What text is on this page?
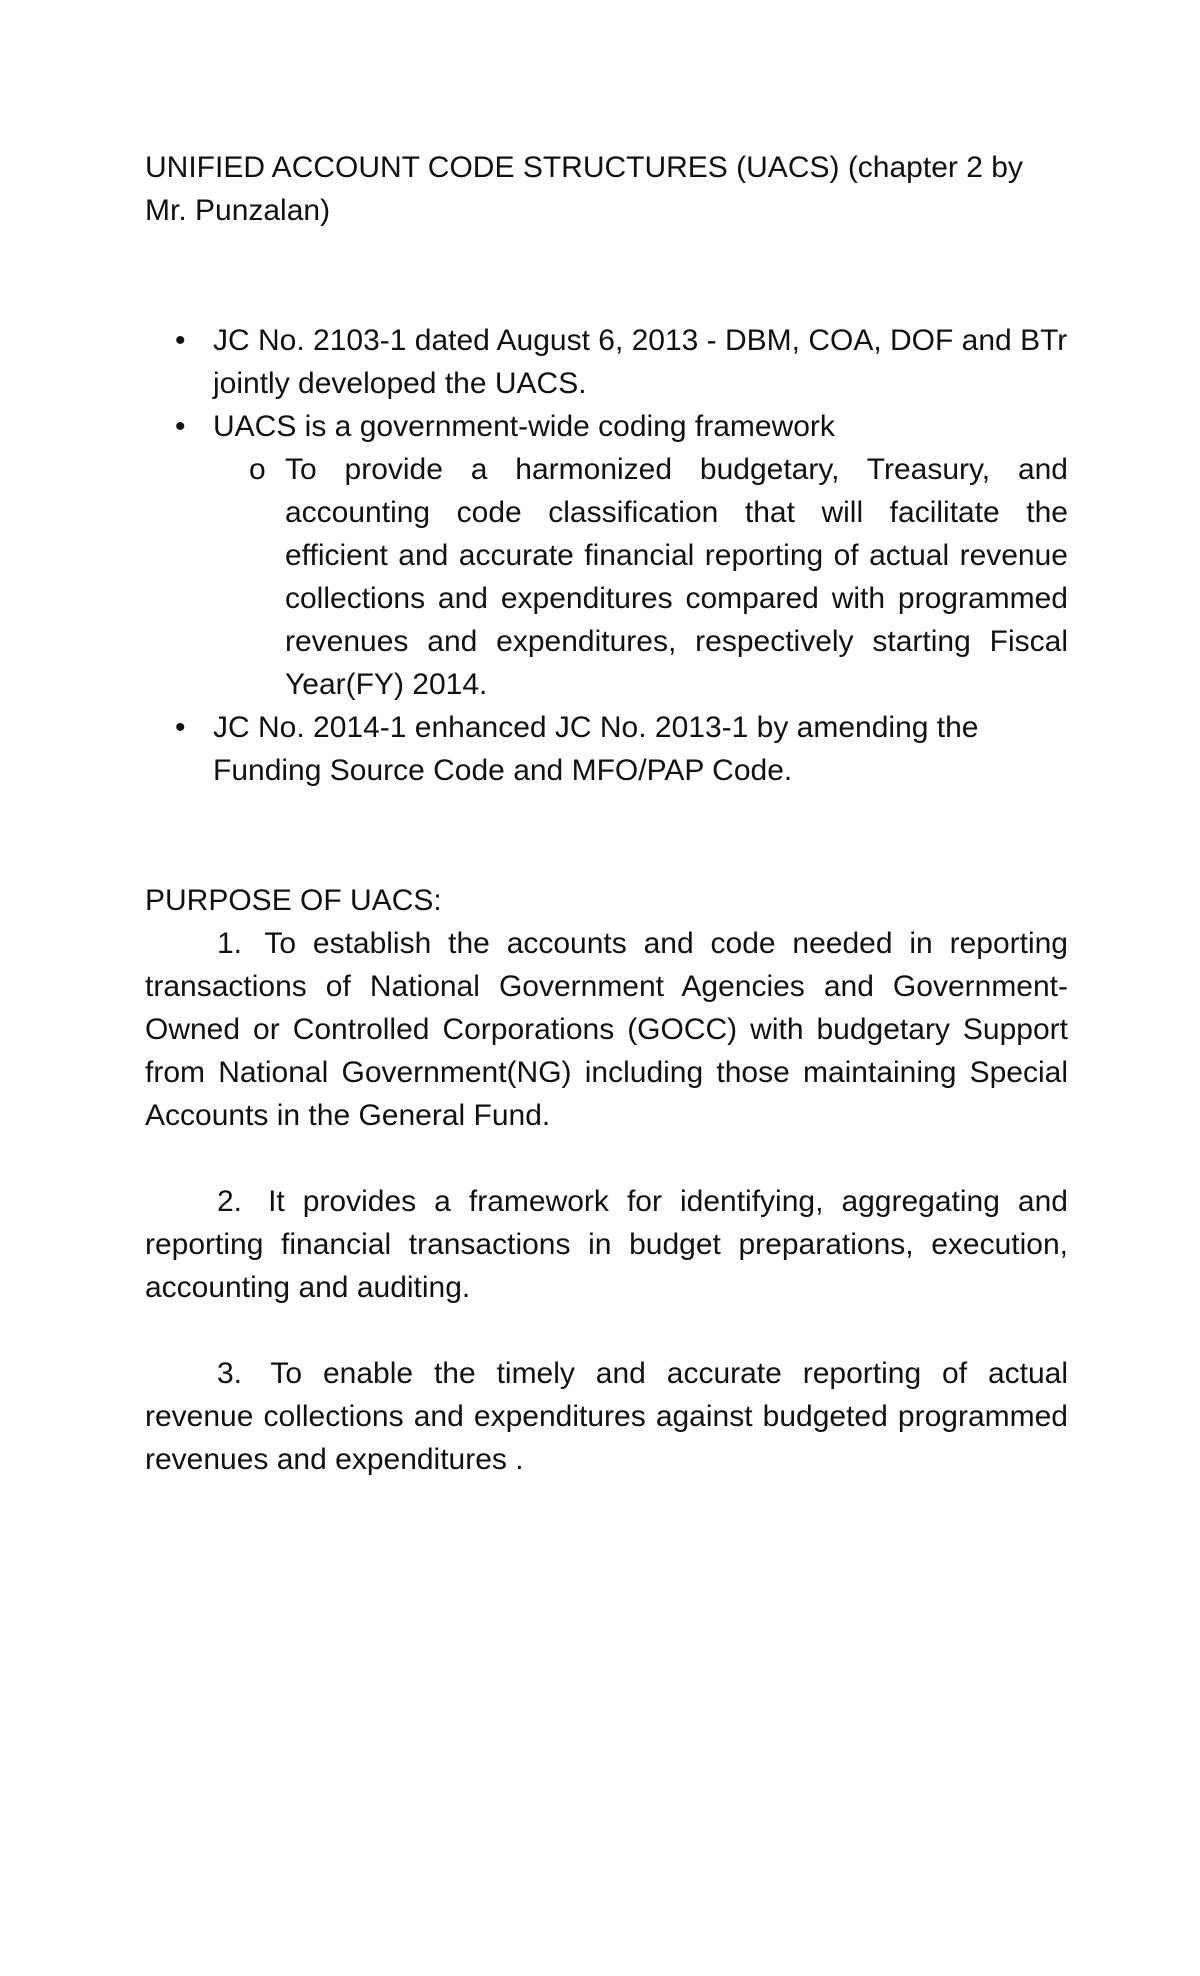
UNIFIED ACCOUNT CODE STRUCTURES (UACS) (chapter 2 by Mr. Punzalan)
• JC No. 2103-1 dated August 6, 2013 - DBM, COA, DOF and BTr jointly developed the UACS.
• UACS is a government-wide coding framework
o To provide a harmonized budgetary, Treasury, and accounting code classification that will facilitate the efficient and accurate financial reporting of actual revenue collections and expenditures compared with programmed revenues and expenditures, respectively starting Fiscal Year(FY) 2014.
• JC No. 2014-1 enhanced JC No. 2013-1 by amending the Funding Source Code and MFO/PAP Code.

PURPOSE OF UACS:

1. To establish the accounts and code needed in reporting transactions of National Government Agencies and Government-Owned or Controlled Corporations (GOCC) with budgetary Support from National Government(NG) including those maintaining Special Accounts in the General Fund.

2. It provides a framework for identifying, aggregating and reporting financial transactions in budget preparations, execution, accounting and auditing.

3. To enable the timely and accurate reporting of actual revenue collections and expenditures against budgeted programmed revenues and expenditures .
